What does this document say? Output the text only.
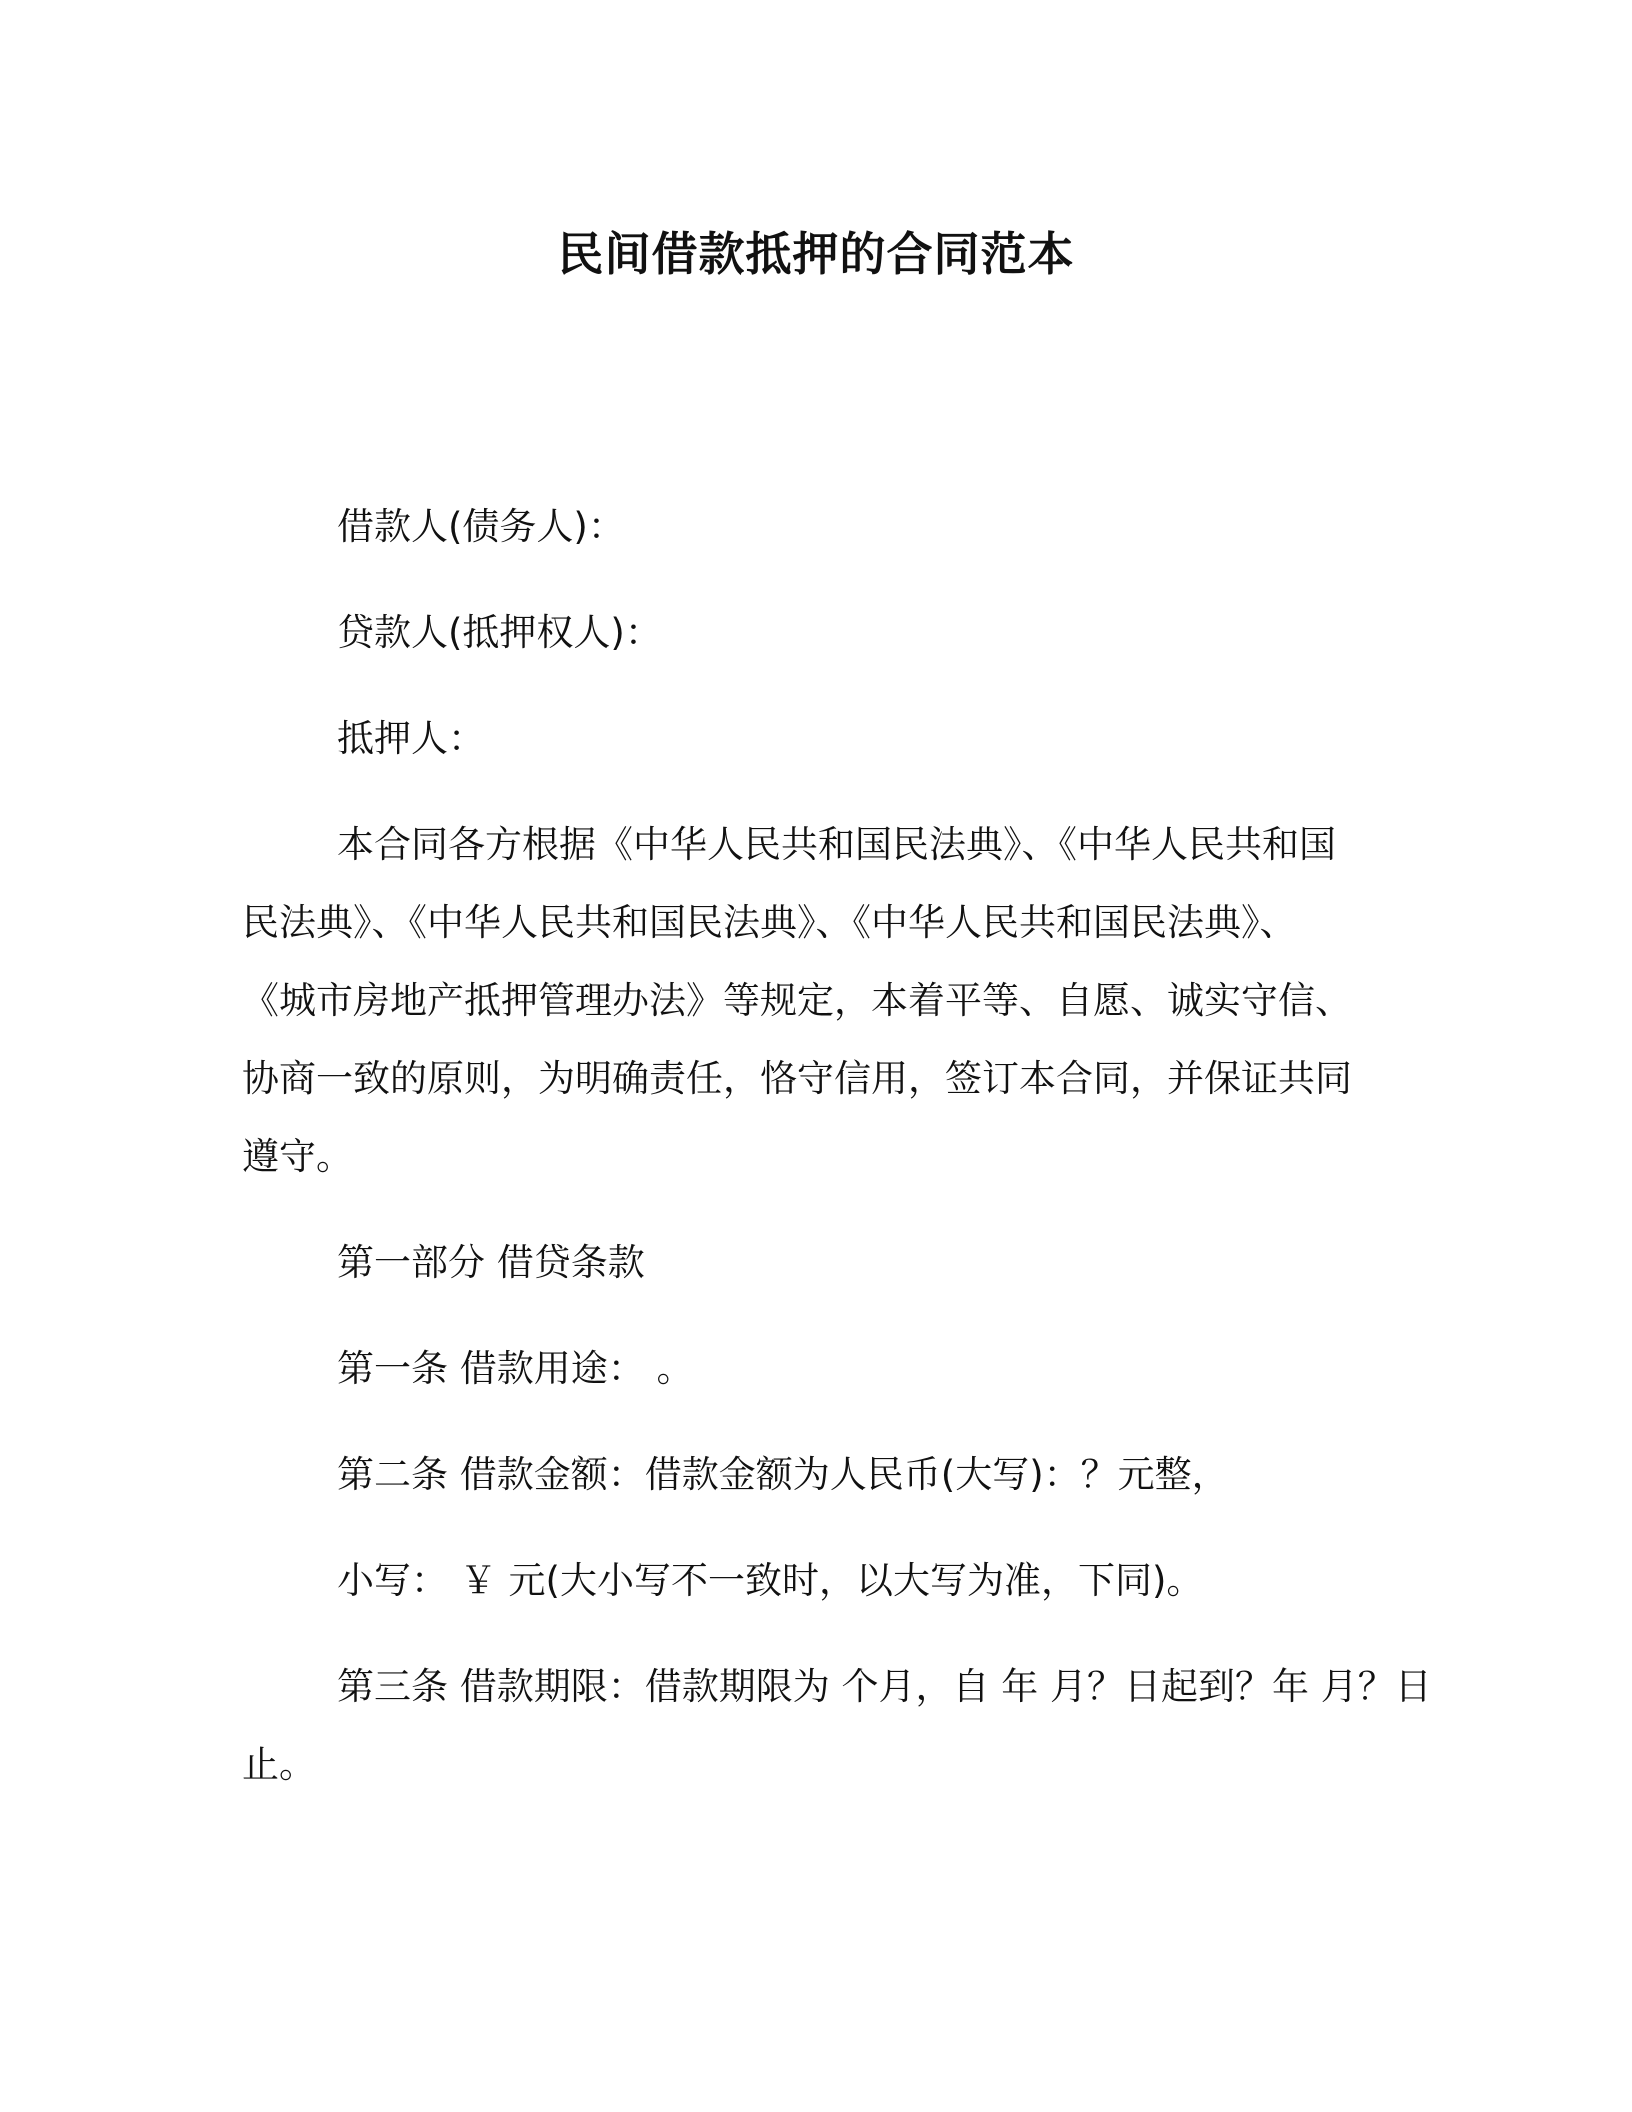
民间借款抵押的合同范本

借款人(债务人)：

贷款人(抵押权人)：

抵押人：

本合同各方根据《中华人民共和国民法典》、《中华人民共和国
民法典》、《中华人民共和国民法典》、《中华人民共和国民法典》、
《城市房地产抵押管理办法》等规定，本着平等、自愿、诚实守信、
协商一致的原则，为明确责任，恪守信用，签订本合同，并保证共同
遵守。

第一部分 借贷条款

第一条 借款用途： 。

第二条 借款金额：借款金额为人民币(大写)：？元整，

小写： ￥ 元(大小写不一致时，以大写为准，下同)。

第三条 借款期限：借款期限为 个月，自 年 月？日起到？年 月？日
止。
